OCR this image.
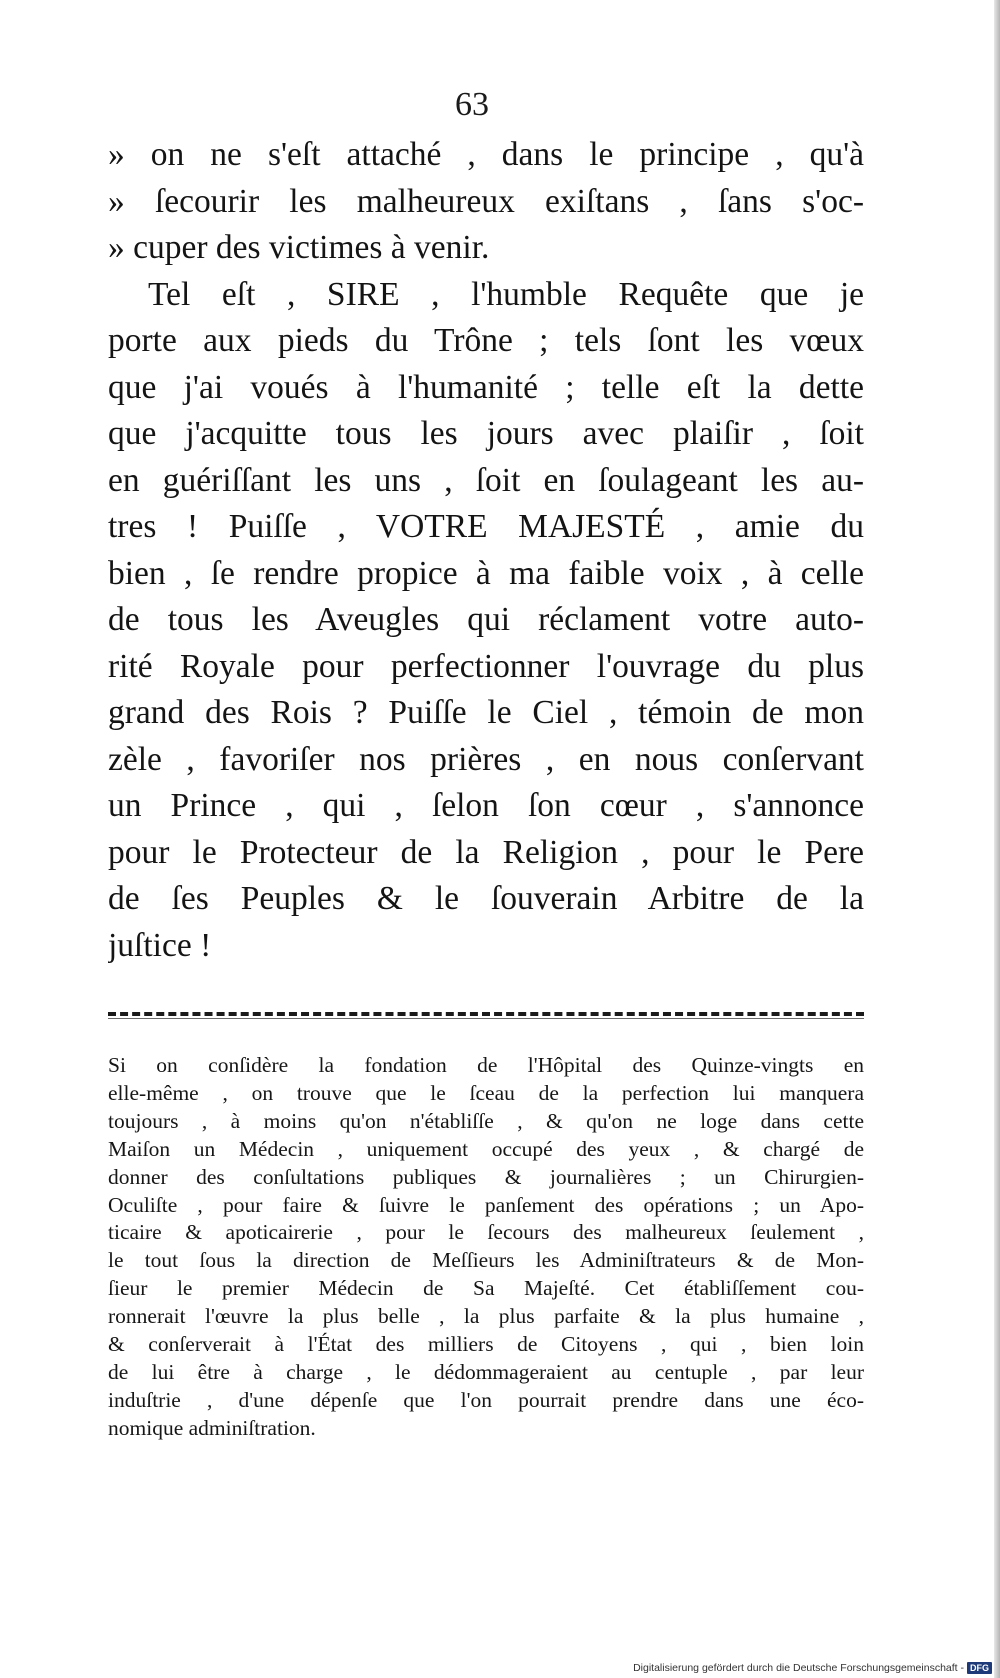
63
» on ne s'eſt attaché , dans le principe , qu'à
» ſecourir les malheureux exiſtans , ſans s'oc-
» cuper des victimes à venir.
Tel eſt , SIRE , l'humble Requête que je
porte aux pieds du Trône ; tels ſont les vœux
que j'ai voués à l'humanité ; telle eſt la dette
que j'acquitte tous les jours avec plaiſir , ſoit
en guériſſant les uns , ſoit en ſoulageant les au-
tres ! Puiſſe , VOTRE MAJESTÉ , amie du
bien , ſe rendre propice à ma faible voix , à celle
de tous les Aveugles qui réclament votre auto-
rité Royale pour perfectionner l'ouvrage du plus
grand des Rois ? Puiſſe le Ciel , témoin de mon
zèle , favoriſer nos prières , en nous conſervant
un Prince , qui , ſelon ſon cœur , s'annonce
pour le Protecteur de la Religion , pour le Pere
de ſes Peuples & le ſouverain Arbitre de la
juſtice !
Si on conſidère la fondation de l'Hôpital des Quinze-vingts en
elle-même , on trouve que le ſceau de la perfection lui manquera
toujours , à moins qu'on n'établiſſe , & qu'on ne loge dans cette
Maiſon un Médecin , uniquement occupé des yeux , & chargé de
donner des conſultations publiques & journalières ; un Chirurgien-
Oculiſte , pour faire & ſuivre le panſement des opérations ; un Apo-
ticaire & apoticairerie , pour le ſecours des malheureux ſeulement ,
le tout ſous la direction de Meſſieurs les Adminiſtrateurs & de Mon-
ſieur le premier Médecin de Sa Majeſté. Cet établiſſement cou-
ronnerait l'œuvre la plus belle , la plus parfaite & la plus humaine ,
& conſerverait à l'État des milliers de Citoyens , qui , bien loin
de lui être à charge , le dédommageraient au centuple , par leur
induſtrie , d'une dépenſe que l'on pourrait prendre dans une éco-
nomique adminiſtration.
Digitalisierung gefördert durch die Deutsche Forschungsgemeinschaft - DFG
